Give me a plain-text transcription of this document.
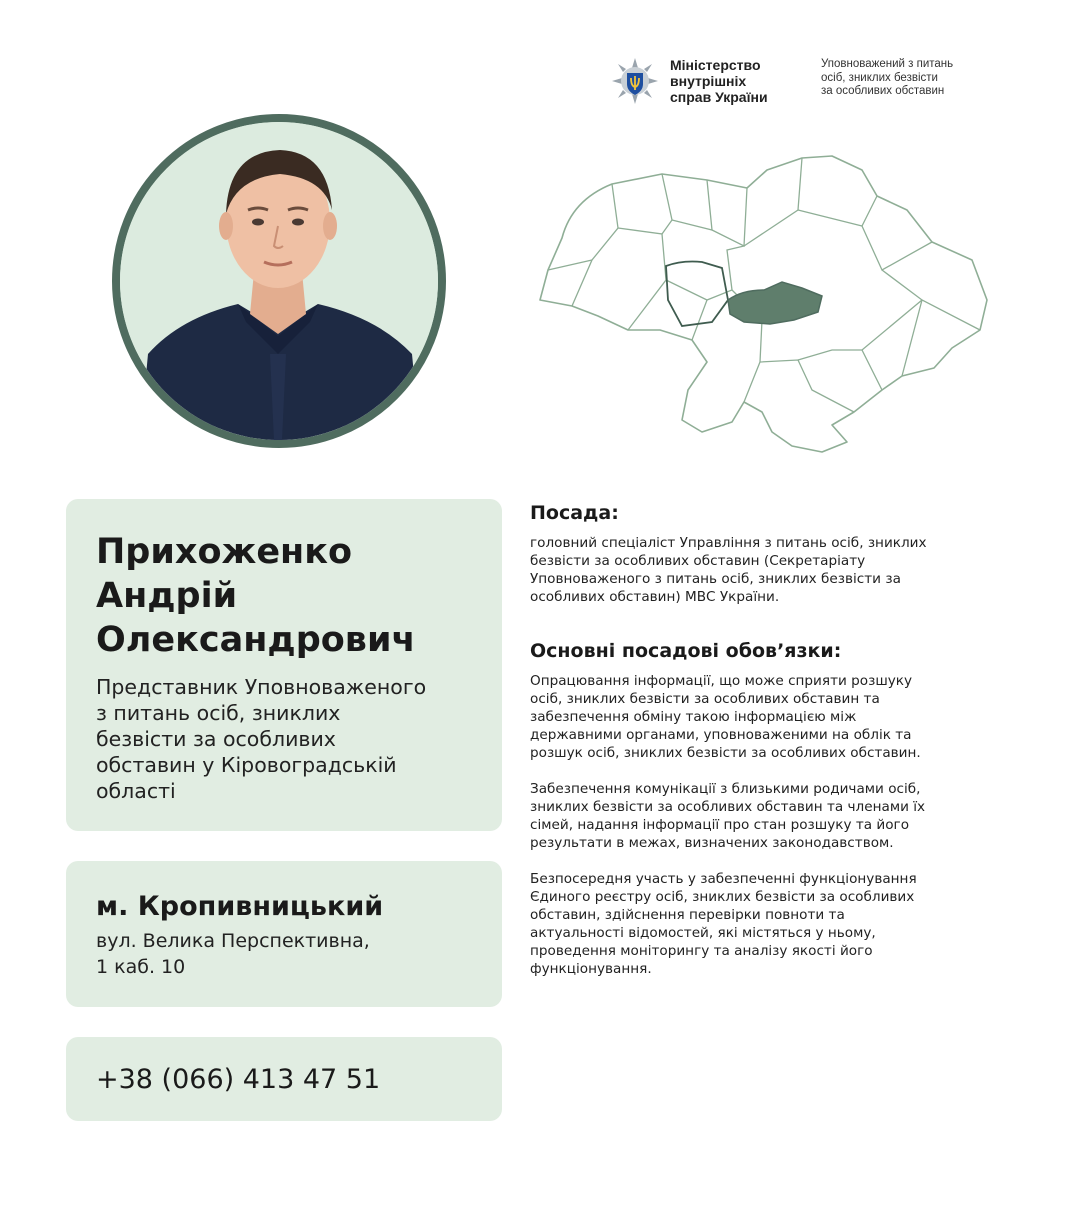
Міністерство
внутрішніх
справ України
Уповноважений з питань
осіб, зниклих безвісти
за особливих обставин
Прихоженко
Андрій
Олександрович
Представник Уповноваженого
з питань осіб, зниклих
безвісти за особливих
обставин у Кіровоградській
області
м. Кропивницький
вул. Велика Перспективна,
1 каб. 10
+38 (066) 413 47 51
Посада:
головний спеціаліст Управління з питань осіб, зниклих
безвісти за особливих обставин (Секретаріату
Уповноваженого з питань осіб, зниклих безвісти за
особливих обставин) МВС України.
Основні посадові обов’язки:
Опрацювання інформації, що може сприяти розшуку
осіб, зниклих безвісти за особливих обставин та
забезпечення обміну такою інформацією між
державними органами, уповноваженими на облік та
розшук осіб, зниклих безвісти за особливих обставин.
Забезпечення комунікації з близькими родичами осіб,
зниклих безвісти за особливих обставин та членами їх
сімей, надання інформації про стан розшуку та його
результати в межах, визначених законодавством.
Безпосередня участь у забезпеченні функціонування
Єдиного реєстру осіб, зниклих безвісти за особливих
обставин, здійснення перевірки повноти та
актуальності відомостей, які містяться у ньому,
проведення моніторингу та аналізу якості його
функціонування.
